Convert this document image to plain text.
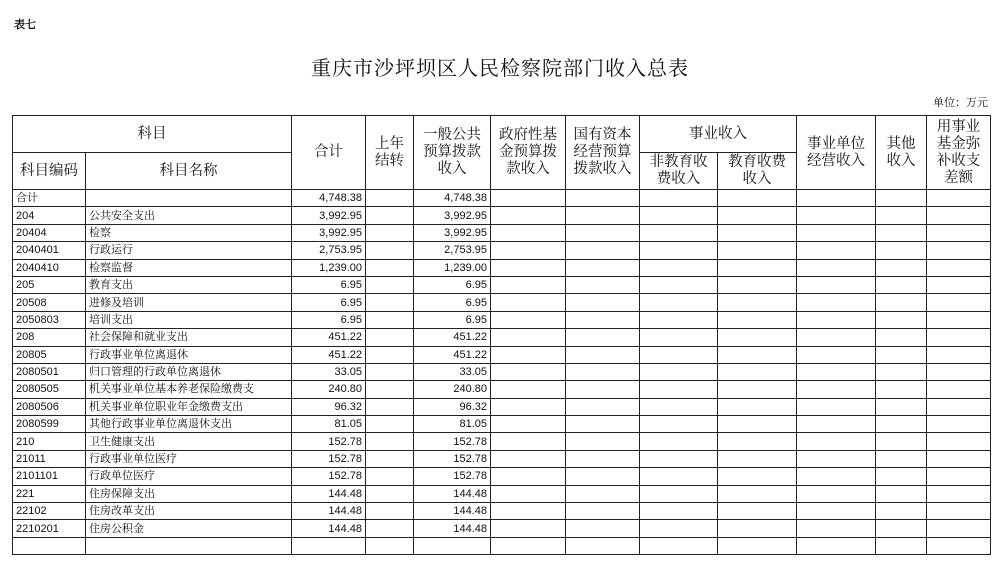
表七
重庆市沙坪坝区人民检察院部门收入总表
单位：万元
科目		合计	上年结转	一般公共预算拨款收入	政府性基金预算拨款收入	国有资本经营预算拨款收入	事业收入		事业单位经营收入	其他收入	用事业基金弥补收支差额
科目编码	科目名称						非教育收费收入	教育收费收入			
合计		4,748.38		4,748.38							
204	公共安全支出	3,992.95		3,992.95							
20404	检察	3,992.95		3,992.95							
2040401	行政运行	2,753.95		2,753.95							
2040410	检察监督	1,239.00		1,239.00							
205	教育支出	6.95		6.95							
20508	进修及培训	6.95		6.95							
2050803	培训支出	6.95		6.95							
208	社会保障和就业支出	451.22		451.22							
20805	行政事业单位离退休	451.22		451.22							
2080501	归口管理的行政单位离退休	33.05		33.05							
2080505	机关事业单位基本养老保险缴费支	240.80		240.80							
2080506	机关事业单位职业年金缴费支出	96.32		96.32							
2080599	其他行政事业单位离退休支出	81.05		81.05							
210	卫生健康支出	152.78		152.78							
21011	行政事业单位医疗	152.78		152.78							
2101101	行政单位医疗	152.78		152.78							
221	住房保障支出	144.48		144.48							
22102	住房改革支出	144.48		144.48							
2210201	住房公积金	144.48		144.48							
